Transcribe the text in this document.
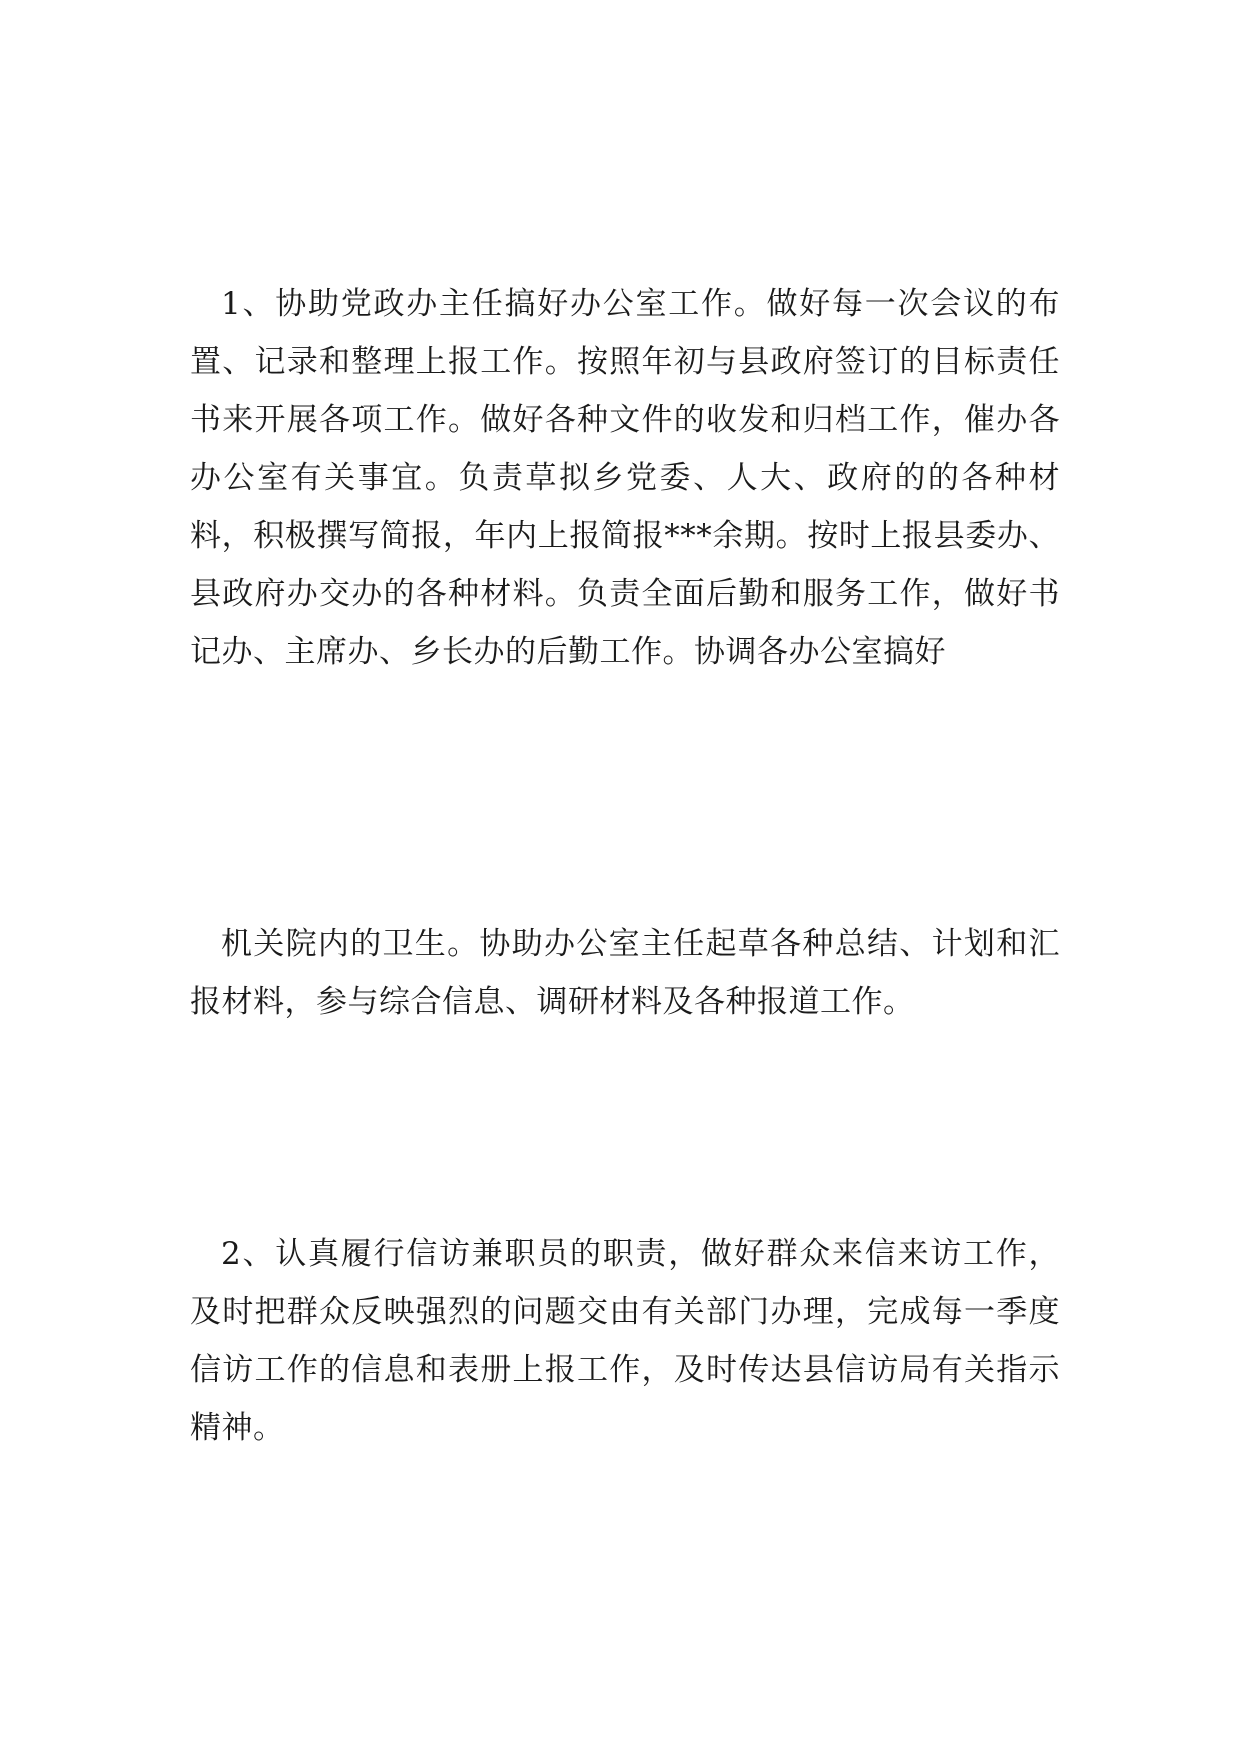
1、协助党政办主任搞好办公室工作。做好每一次会议的布置、记录和整理上报工作。按照年初与县政府签订的目标责任书来开展各项工作。做好各种文件的收发和归档工作，催办各办公室有关事宜。负责草拟乡党委、人大、政府的的各种材料，积极撰写简报，年内上报简报***余期。按时上报县委办、县政府办交办的各种材料。负责全面后勤和服务工作，做好书记办、主席办、乡长办的后勤工作。协调各办公室搞好

机关院内的卫生。协助办公室主任起草各种总结、计划和汇报材料，参与综合信息、调研材料及各种报道工作。

2、认真履行信访兼职员的职责，做好群众来信来访工作，及时把群众反映强烈的问题交由有关部门办理，完成每一季度信访工作的信息和表册上报工作，及时传达县信访局有关指示精神。
